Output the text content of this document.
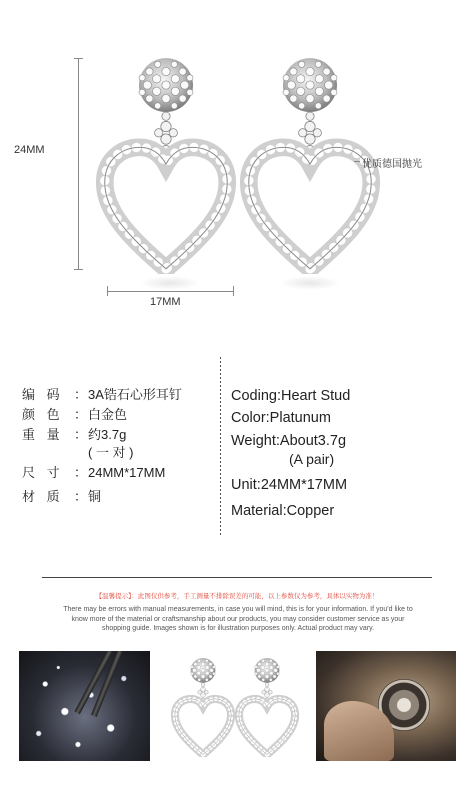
24MM
17MM
优质德国抛光
编 码 ： 3A锆石心形耳钉
颜 色 ： 白金色
重 量 ： 约3.7g
( 一 对 )
尺 寸 ： 24MM*17MM
材 质 ： 铜
Coding:Heart Stud
Color:Platunum
Weight:About3.7g
(A pair)
Unit:24MM*17MM
Material:Copper
【温馨提示】：此图仅供参考，手工测量不排除误差的可能，以上参数仅为参考，具体以实物为准！
There may be errors with manual measurements, in case you will mind, this is for your information. If you'd like to know more of the material or craftsmanship about our products, you may consider customer service as your shopping guide. Images shown is for illustration purposes only. Actual product may vary.
